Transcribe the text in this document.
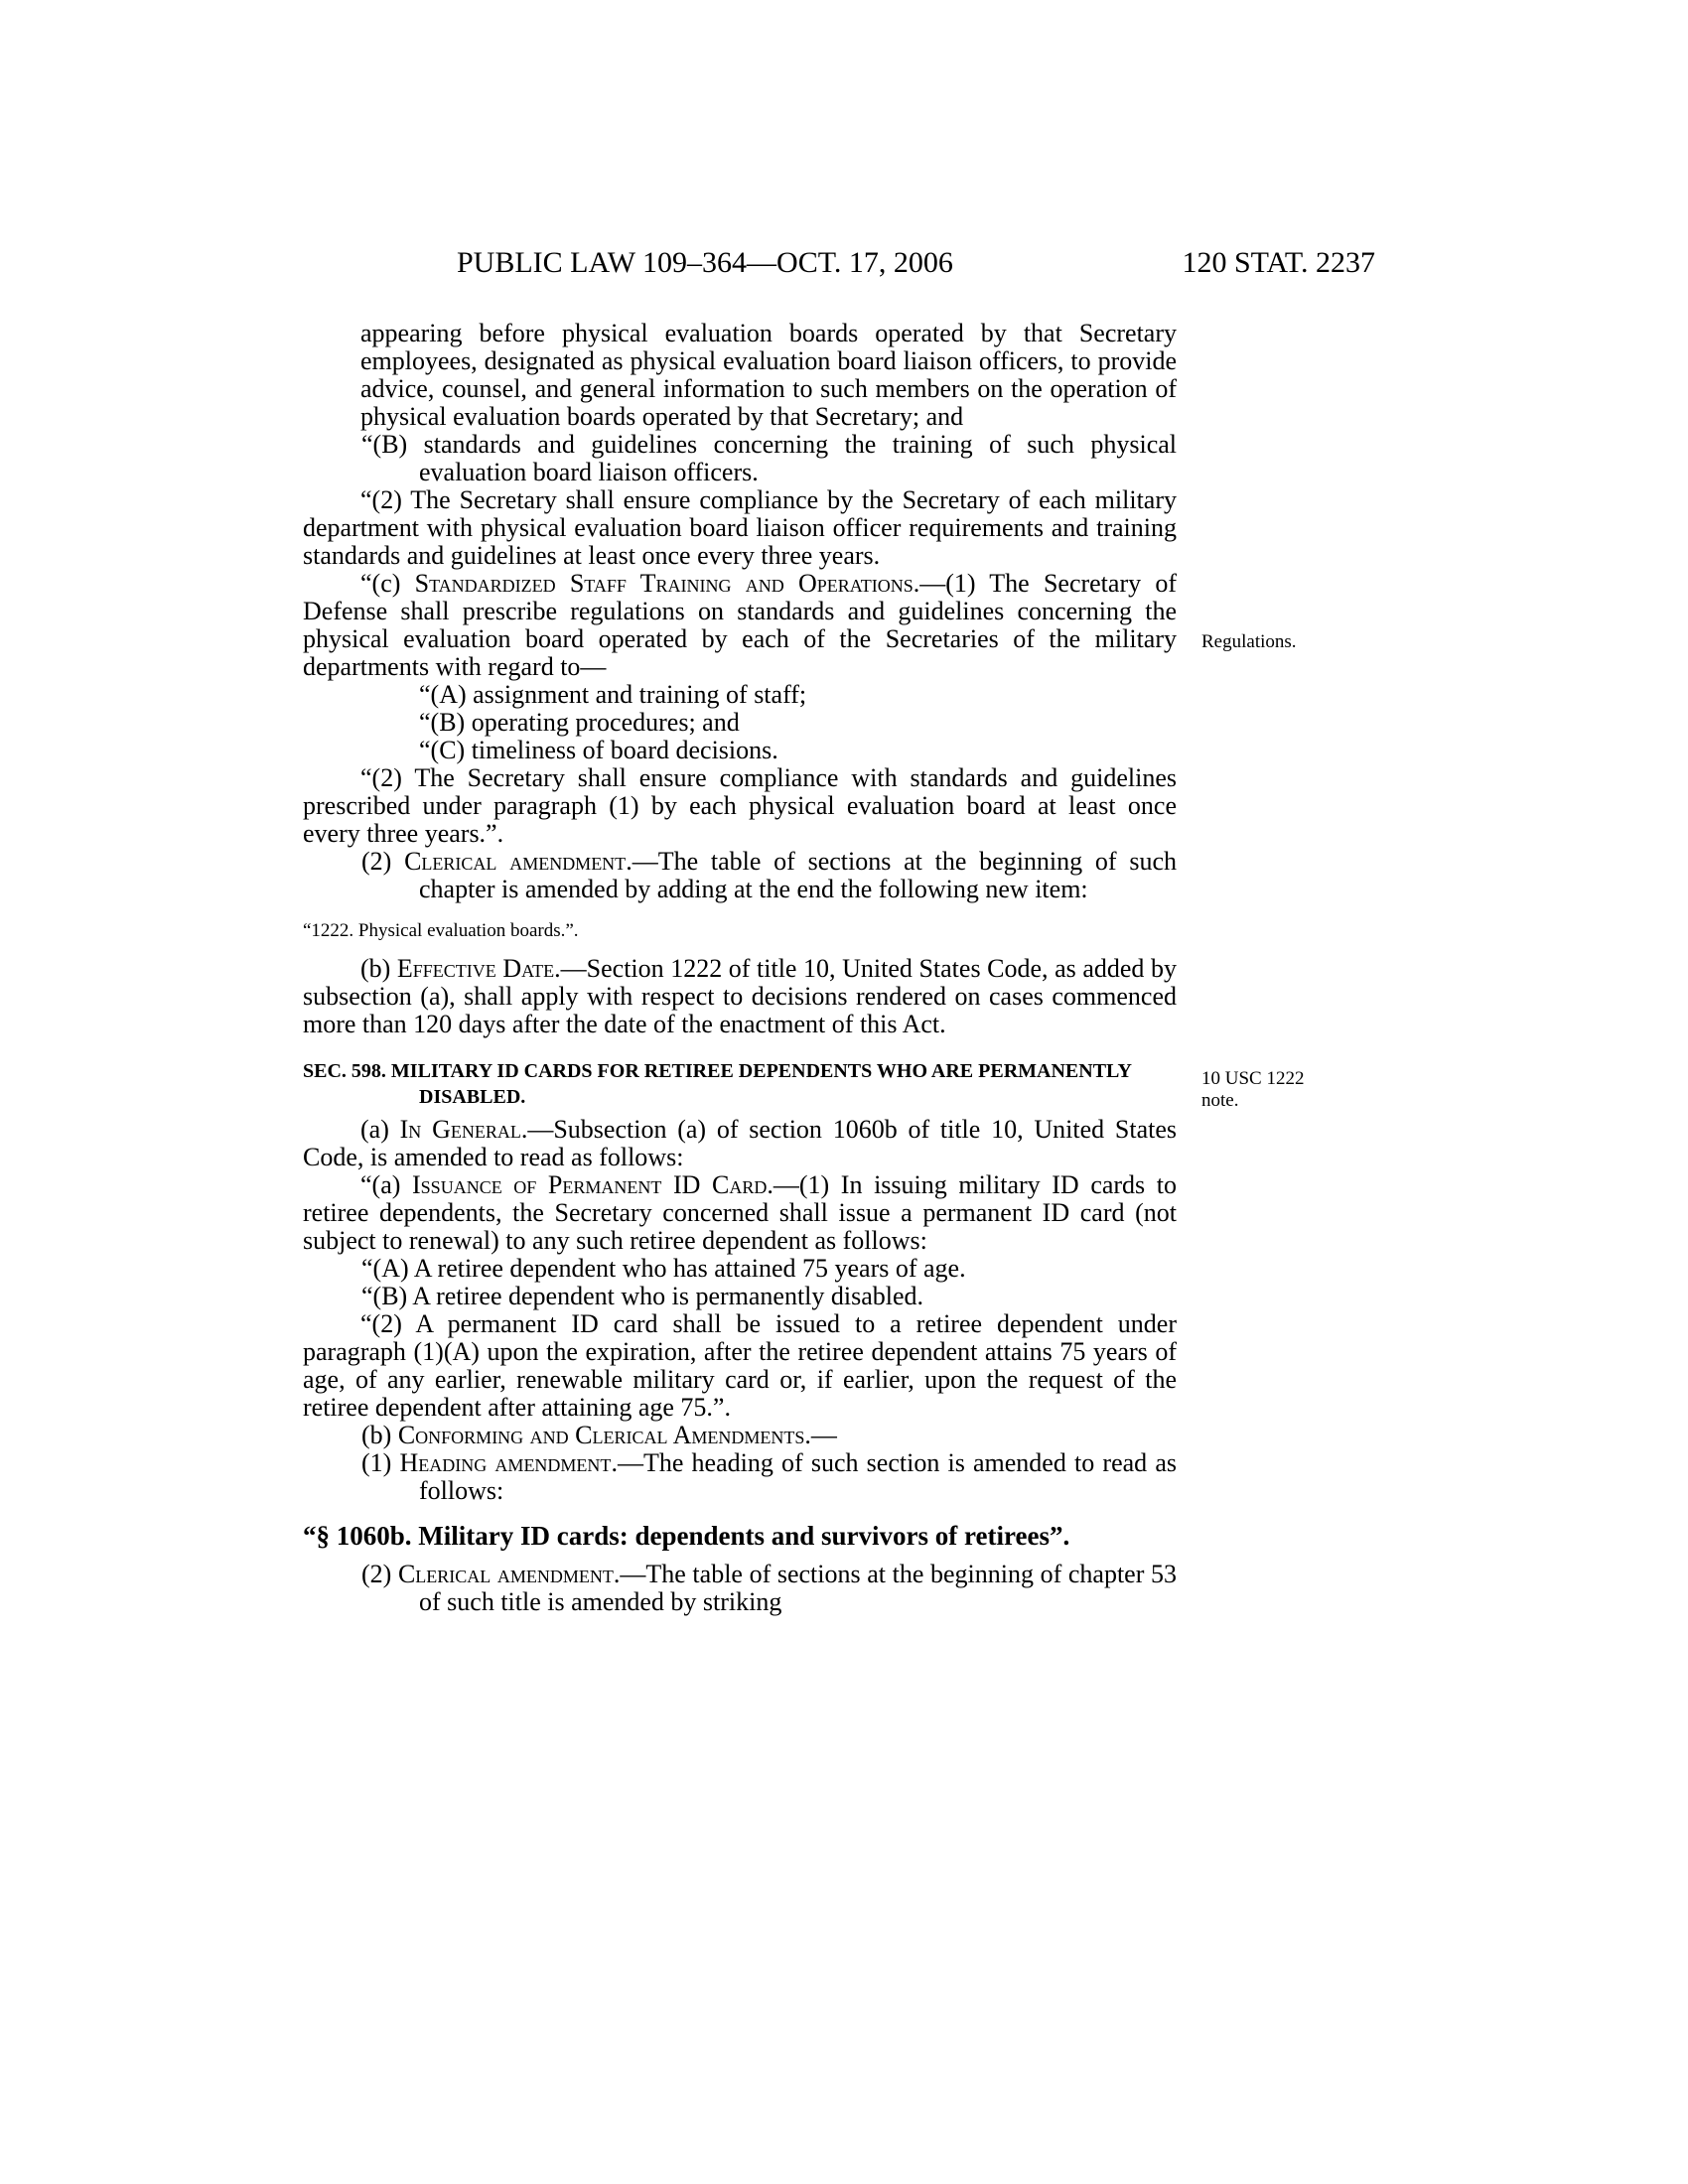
PUBLIC LAW 109–364—OCT. 17, 2006	120 STAT. 2237
Regulations.
10 USC 1222
note.

appearing before physical evaluation boards operated by that Secretary employees, designated as physical evaluation board liaison officers, to provide advice, counsel, and general information to such members on the operation of physical evaluation boards operated by that Secretary; and

“(B) standards and guidelines concerning the training of such physical evaluation board liaison officers.

“(2) The Secretary shall ensure compliance by the Secretary of each military department with physical evaluation board liaison officer requirements and training standards and guidelines at least once every three years.

“(c) Standardized Staff Training and Operations.—(1) The Secretary of Defense shall prescribe regulations on standards and guidelines concerning the physical evaluation board operated by each of the Secretaries of the military departments with regard to—

“(A) assignment and training of staff;

“(B) operating procedures; and

“(C) timeliness of board decisions.

“(2) The Secretary shall ensure compliance with standards and guidelines prescribed under paragraph (1) by each physical evaluation board at least once every three years.”.

(2) Clerical amendment.—The table of sections at the beginning of such chapter is amended by adding at the end the following new item:

“1222. Physical evaluation boards.”.

(b) Effective Date.—Section 1222 of title 10, United States Code, as added by subsection (a), shall apply with respect to decisions rendered on cases commenced more than 120 days after the date of the enactment of this Act.

SEC. 598. MILITARY ID CARDS FOR RETIREE DEPENDENTS WHO ARE PERMANENTLY DISABLED.

(a) In General.—Subsection (a) of section 1060b of title 10, United States Code, is amended to read as follows:

“(a) Issuance of Permanent ID Card.—(1) In issuing military ID cards to retiree dependents, the Secretary concerned shall issue a permanent ID card (not subject to renewal) to any such retiree dependent as follows:

“(A) A retiree dependent who has attained 75 years of age.

“(B) A retiree dependent who is permanently disabled.

“(2) A permanent ID card shall be issued to a retiree dependent under paragraph (1)(A) upon the expiration, after the retiree dependent attains 75 years of age, of any earlier, renewable military card or, if earlier, upon the request of the retiree dependent after attaining age 75.”.

(b) Conforming and Clerical Amendments.—

(1) Heading amendment.—The heading of such section is amended to read as follows:

“§ 1060b. Military ID cards: dependents and survivors of retirees”.

(2) Clerical amendment.—The table of sections at the beginning of chapter 53 of such title is amended by striking
